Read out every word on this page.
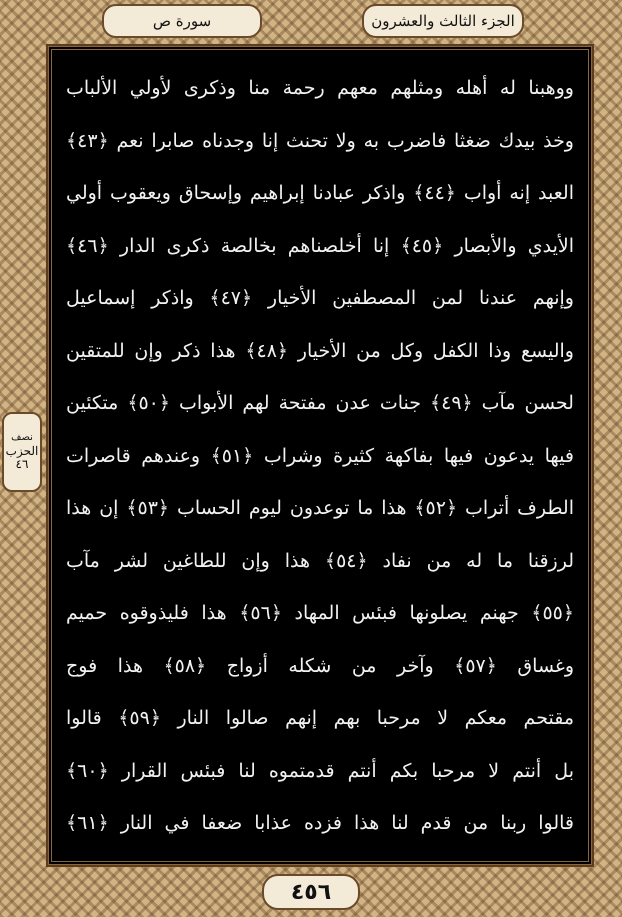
الجزء الثالث والعشرون
سورة ص
نصف
الحزب
٤٦
ووهبنا له أهله ومثلهم معهم رحمة منا وذكرى لأولي الألباب
وخذ بيدك ضغثا فاضرب به ولا تحنث إنا وجدناه صابرا نعم ﴿٤٣﴾
العبد إنه أواب ﴿٤٤﴾ واذكر عبادنا إبراهيم وإسحاق ويعقوب أولي
الأيدي والأبصار ﴿٤٥﴾ إنا أخلصناهم بخالصة ذكرى الدار ﴿٤٦﴾
وإنهم عندنا لمن المصطفين الأخيار ﴿٤٧﴾ واذكر إسماعيل
واليسع وذا الكفل وكل من الأخيار ﴿٤٨﴾ هذا ذكر وإن للمتقين
لحسن مآب ﴿٤٩﴾ جنات عدن مفتحة لهم الأبواب ﴿٥٠﴾ متكئين
فيها يدعون فيها بفاكهة كثيرة وشراب ﴿٥١﴾ وعندهم قاصرات
الطرف أتراب ﴿٥٢﴾ هذا ما توعدون ليوم الحساب ﴿٥٣﴾ إن هذا
لرزقنا ما له من نفاد ﴿٥٤﴾ هذا وإن للطاغين لشر مآب
﴿٥٥﴾ جهنم يصلونها فبئس المهاد ﴿٥٦﴾ هذا فليذوقوه حميم
وغساق ﴿٥٧﴾ وآخر من شكله أزواج ﴿٥٨﴾ هذا فوج
مقتحم معكم لا مرحبا بهم إنهم صالوا النار ﴿٥٩﴾ قالوا
بل أنتم لا مرحبا بكم أنتم قدمتموه لنا فبئس القرار ﴿٦٠﴾
قالوا ربنا من قدم لنا هذا فزده عذابا ضعفا في النار ﴿٦١﴾
٤٥٦
